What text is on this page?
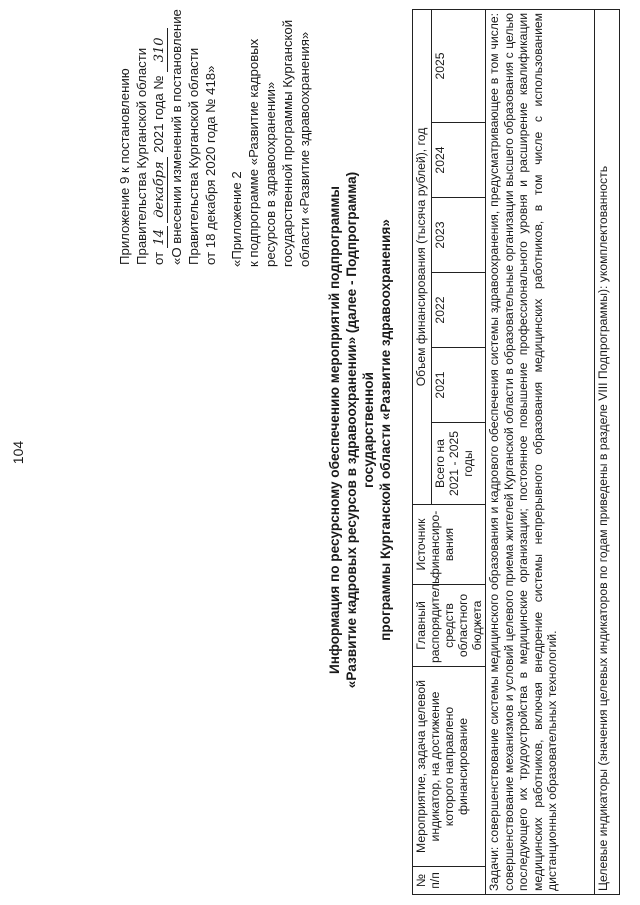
104
Приложение 9 к постановлению Правительства Курганской области от 14 декабря 2021 года № 310 «О внесении изменений в постановление Правительства Курганской области от 18 декабря 2020 года № 418» «Приложение 2 к подпрограмме «Развитие кадровых ресурсов в здравоохранении» государственной программы Курганской области «Развитие здравоохранения»
Информация по ресурсному обеспечению мероприятий подпрограммы «Развитие кадровых ресурсов в здравоохранении» (далее - Подпрограмма) государственной программы Курганской области «Развитие здравоохранения»
№ п/п	Мероприятие, задача целевой индикатор, на достижение которого направлено финансирование	Главный распорядитель средств областного бюджета	Источник финансиро-вания	Объем финансирования (тысяча рублей), год					
				Всего на 2021 - 2025 годы	2021	2022	2023	2024	2025
Задачи: совершенствование системы медицинского образования и кадрового обеспечения системы здравоохранения, предусматривающее в том числе: совершенствование механизмов и условий целевого приема жителей Курганской области в образовательные организации высшего образования с целью последующего их трудоустройства в медицинские организации; постоянное повышение профессионального уровня и расширение квалификации медицинских работников, включая внедрение системы непрерывного образования медицинских работников, в том числе с использованием дистанционных образовательных технологий.									
Целевые индикаторы (значения целевых индикаторов по годам приведены в разделе VIII Подпрограммы): укомплектованность									
